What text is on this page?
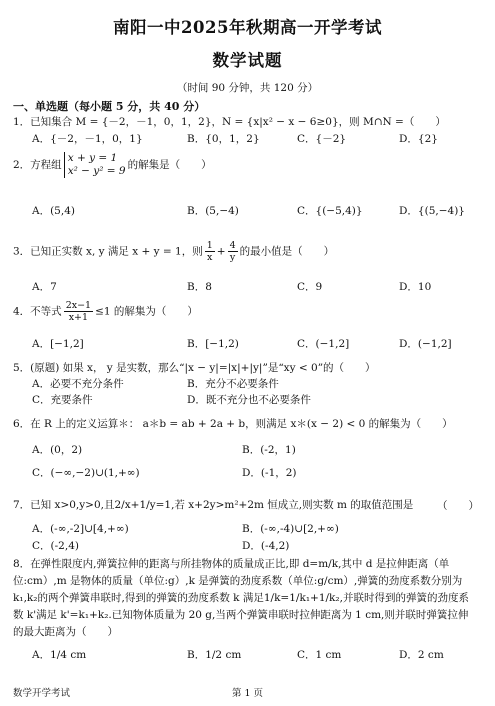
南阳一中2025年秋期高一开学考试
数学试题
（时间 90 分钟，共 120 分）
一、单选题（每小题 5 分，共 40 分）
1．已知集合 M = {－2，－1，0，1，2}，N = {x|x² − x − 6≥0}，则 M∩N =（　　）
A．{－2，－1，0，1}	B．{0，1，2}	C．{－2}	D．{2}
2．方程组
x + y = 1
x² − y² = 9 的解集是（　　）
A．(5,4)	B．(5,−4)	C．{(−5,4)}	D．{(5,−4)}
3．已知正实数 x, y 满足 x + y = 1，则 $\frac{1}{x} + \frac{4}{y}$ 的最小值是（　　）
A．7	B．8	C．9	D．10
4．不等式 $\frac{2x-1}{x+1} \le 1$ 的解集为（　　）
A．[−1,2]	B．[−1,2)	C．(−1,2]	D．(−1,2]
5．(原题) 如果 x， y 是实数，那么“|x − y|=|x|+|y|”是“xy < 0”的（　　）
A．必要不充分条件	B．充分不必要条件
C．充要条件	D．既不充分也不必要条件
6．在 R 上的定义运算＊： a＊b = ab + 2a + b，则满足 x＊(x − 2) < 0 的解集为（　　）
A．(0，2)	B．(-2，1)
C．(−∞,−2)∪(1,+∞)	D．(-1，2)
7．已知 x>0,y>0,且2/x+1/y=1,若 x+2y>m²+2m 恒成立,则实数 m 的取值范围是	（　　）
A．(-∞,-2]∪[4,+∞)	B．(-∞,-4)∪[2,+∞)
C．(-2,4)	D．(-4,2)
8．在弹性限度内,弹簧拉伸的距离与所挂物体的质量成正比,即 d=m/k,其中 d 是拉伸距离（单位:cm）,m 是物体的质量（单位:g）,k 是弹簧的劲度系数（单位:g/cm）,弹簧的劲度系数分别为 k₁,k₂的两个弹簧串联时,得到的弹簧的劲度系数 k 满足1/k=1/k₁+1/k₂,并联时得到的弹簧的劲度系数 k'满足 k'=k₁+k₂.已知物体质量为 20 g,当两个弹簧串联时拉伸距离为 1 cm,则并联时弹簧拉伸的最大距离为（　　）
A．1/4 cm	B．1/2 cm	C．1 cm	D．2 cm
数学开学考试	第 1 页
